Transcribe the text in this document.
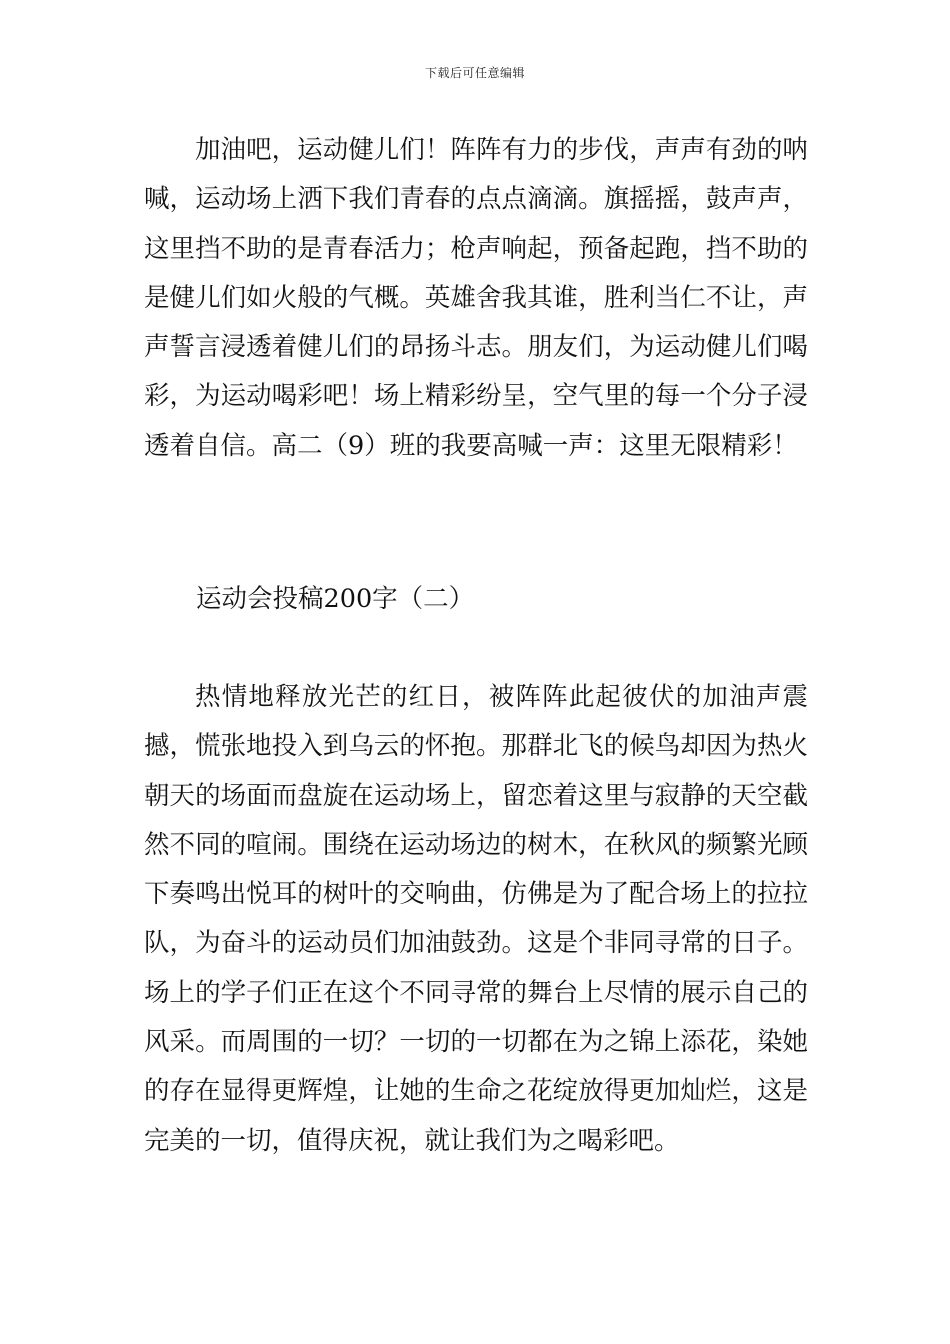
下载后可任意编辑

加油吧，运动健儿们！阵阵有力的步伐，声声有劲的呐喊，运动场上洒下我们青春的点点滴滴。旗摇摇，鼓声声，这里挡不助的是青春活力；枪声响起，预备起跑，挡不助的是健儿们如火般的气概。英雄舍我其谁，胜利当仁不让，声声誓言浸透着健儿们的昂扬斗志。朋友们，为运动健儿们喝彩，为运动喝彩吧！场上精彩纷呈，空气里的每一个分子浸透着自信。高二（9）班的我要高喊一声：这里无限精彩！

运动会投稿200字（二）

热情地释放光芒的红日，被阵阵此起彼伏的加油声震撼，慌张地投入到乌云的怀抱。那群北飞的候鸟却因为热火朝天的场面而盘旋在运动场上，留恋着这里与寂静的天空截然不同的喧闹。围绕在运动场边的树木，在秋风的频繁光顾下奏鸣出悦耳的树叶的交响曲，仿佛是为了配合场上的拉拉队，为奋斗的运动员们加油鼓劲。这是个非同寻常的日子。场上的学子们正在这个不同寻常的舞台上尽情的展示自己的风采。而周围的一切？一切的一切都在为之锦上添花，染她的存在显得更辉煌，让她的生命之花绽放得更加灿烂，这是完美的一切，值得庆祝，就让我们为之喝彩吧。
